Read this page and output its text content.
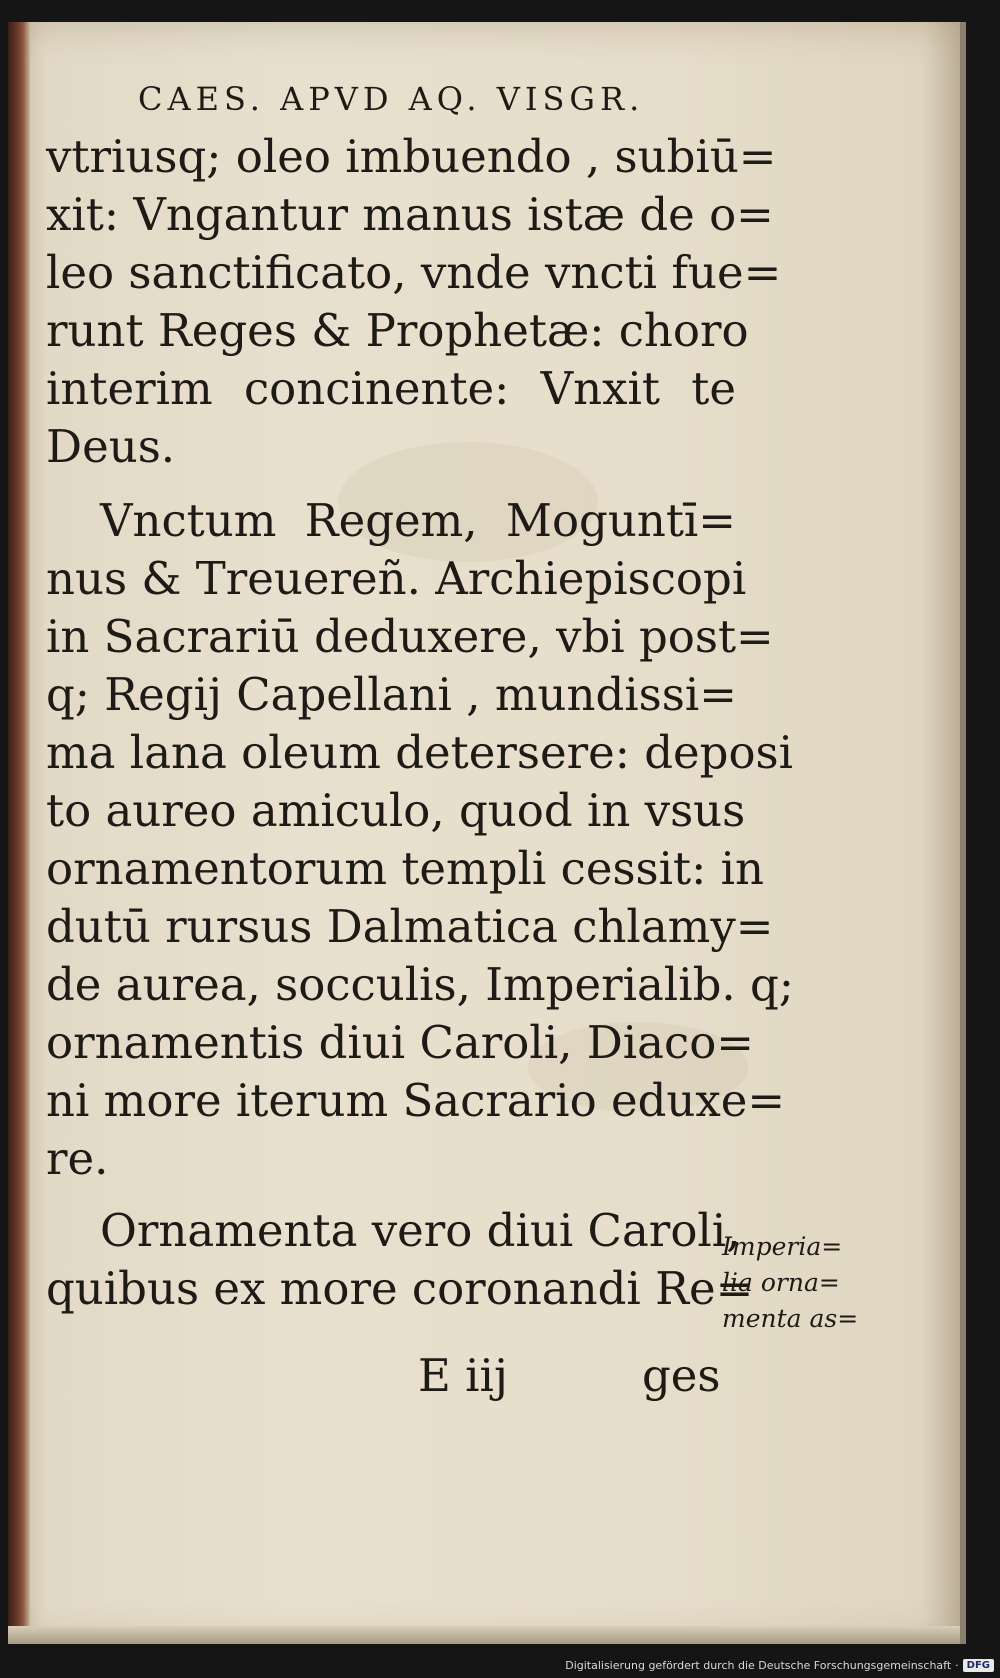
CAES. APVD AQ. VISGR.
vtriusq; oleo imbuendo , subiū=
xit: Vngantur manus istæ de o=
leo sanctificato, vnde vncti fue=
runt Reges & Prophetæ: choro
interim concinente: Vnxit te
Deus.
Vnctum Regem, Moguntī=
nus & Treuereñ. Archiepiscopi
in Sacrariū deduxere, vbi post=
q; Regij Capellani , mundissi=
ma lana oleum detersere: deposi
to aureo amiculo, quod in vsus
ornamentorum templi cessit: in
dutū rursus Dalmatica chlamy=
de aurea, socculis, Imperialib. q;
ornamentis diui Caroli, Diaco=
ni more iterum Sacrario eduxe=
re.
Ornamenta vero diui Caroli,
quibus ex more coronandi Re=
Imperia=
lia orna=
menta as=
E iij	ges
Digitalisierung gefördert durch die Deutsche Forschungsgemeinschaft · DFG
